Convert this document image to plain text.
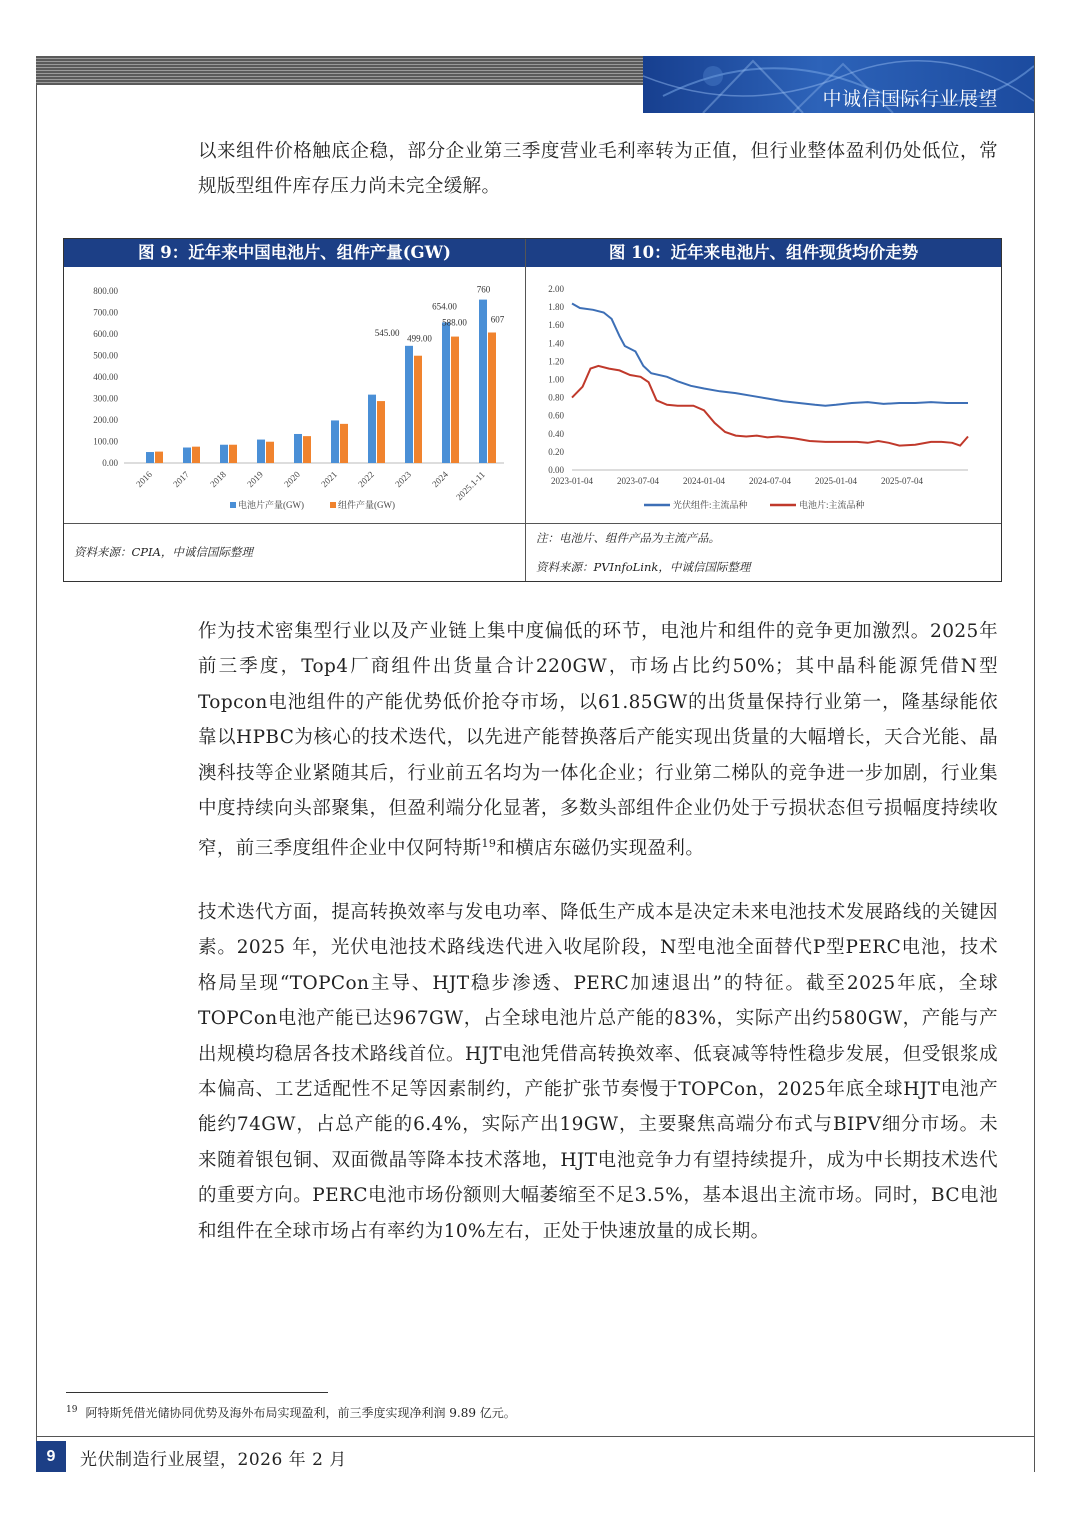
中诚信国际行业展望

以来组件价格触底企稳，部分企业第三季度营业毛利率转为正值，但行业整体盈利仍处低位，常规版型组件库存压力尚未完全缓解。

图 9：近年来中国电池片、组件产量(GW)	图 10：近年来电池片、组件现货均价走势
800.00
700.00
600.00
500.00
400.00
300.00
200.00
100.00
0.00
2016 2017 2018 2019 2020 2021 2022 2023 2024 2025.1-11
545.00
499.00
654.00
588.00
760
607
电池片产量(GW)	组件产量(GW)
2.00
1.80
1.60
1.40
1.20
1.00
0.80
0.60
0.40
0.20
0.00
2023-01-04	2023-07-04	2024-01-04	2024-07-04	2025-01-04	2025-07-04
光伏组件:主流品种	电池片:主流品种
资料来源：CPIA，中诚信国际整理
注：电池片、组件产品为主流产品。
资料来源：PVInfoLink，中诚信国际整理

作为技术密集型行业以及产业链上集中度偏低的环节，电池片和组件的竞争更加激烈。2025年前三季度，Top4厂商组件出货量合计220GW，市场占比约50%；其中晶科能源凭借N型Topcon电池组件的产能优势低价抢夺市场，以61.85GW的出货量保持行业第一，隆基绿能依靠以HPBC为核心的技术迭代，以先进产能替换落后产能实现出货量的大幅增长，天合光能、晶澳科技等企业紧随其后，行业前五名均为一体化企业；行业第二梯队的竞争进一步加剧，行业集中度持续向头部聚集，但盈利端分化显著，多数头部组件企业仍处于亏损状态但亏损幅度持续收窄，前三季度组件企业中仅阿特斯$^{19}$和横店东磁仍实现盈利。

技术迭代方面，提高转换效率与发电功率、降低生产成本是决定未来电池技术发展路线的关键因素。2025 年，光伏电池技术路线迭代进入收尾阶段，N型电池全面替代P型PERC电池，技术格局呈现“TOPCon主导、HJT稳步渗透、PERC加速退出”的特征。截至2025年底，全球TOPCon电池产能已达967GW，占全球电池片总产能的83%，实际产出约580GW，产能与产出规模均稳居各技术路线首位。HJT电池凭借高转换效率、低衰减等特性稳步发展，但受银浆成本偏高、工艺适配性不足等因素制约，产能扩张节奏慢于TOPCon，2025年底全球HJT电池产能约74GW，占总产能的6.4%，实际产出19GW，主要聚焦高端分布式与BIPV细分市场。未来随着银包铜、双面微晶等降本技术落地，HJT电池竞争力有望持续提升，成为中长期技术迭代的重要方向。PERC电池市场份额则大幅萎缩至不足3.5%，基本退出主流市场。同时，BC电池和组件在全球市场占有率约为10%左右，正处于快速放量的成长期。

$^{19}$ 阿特斯凭借光储协同优势及海外布局实现盈利，前三季度实现净利润 9.89 亿元。
9	光伏制造行业展望，2026 年 2 月
